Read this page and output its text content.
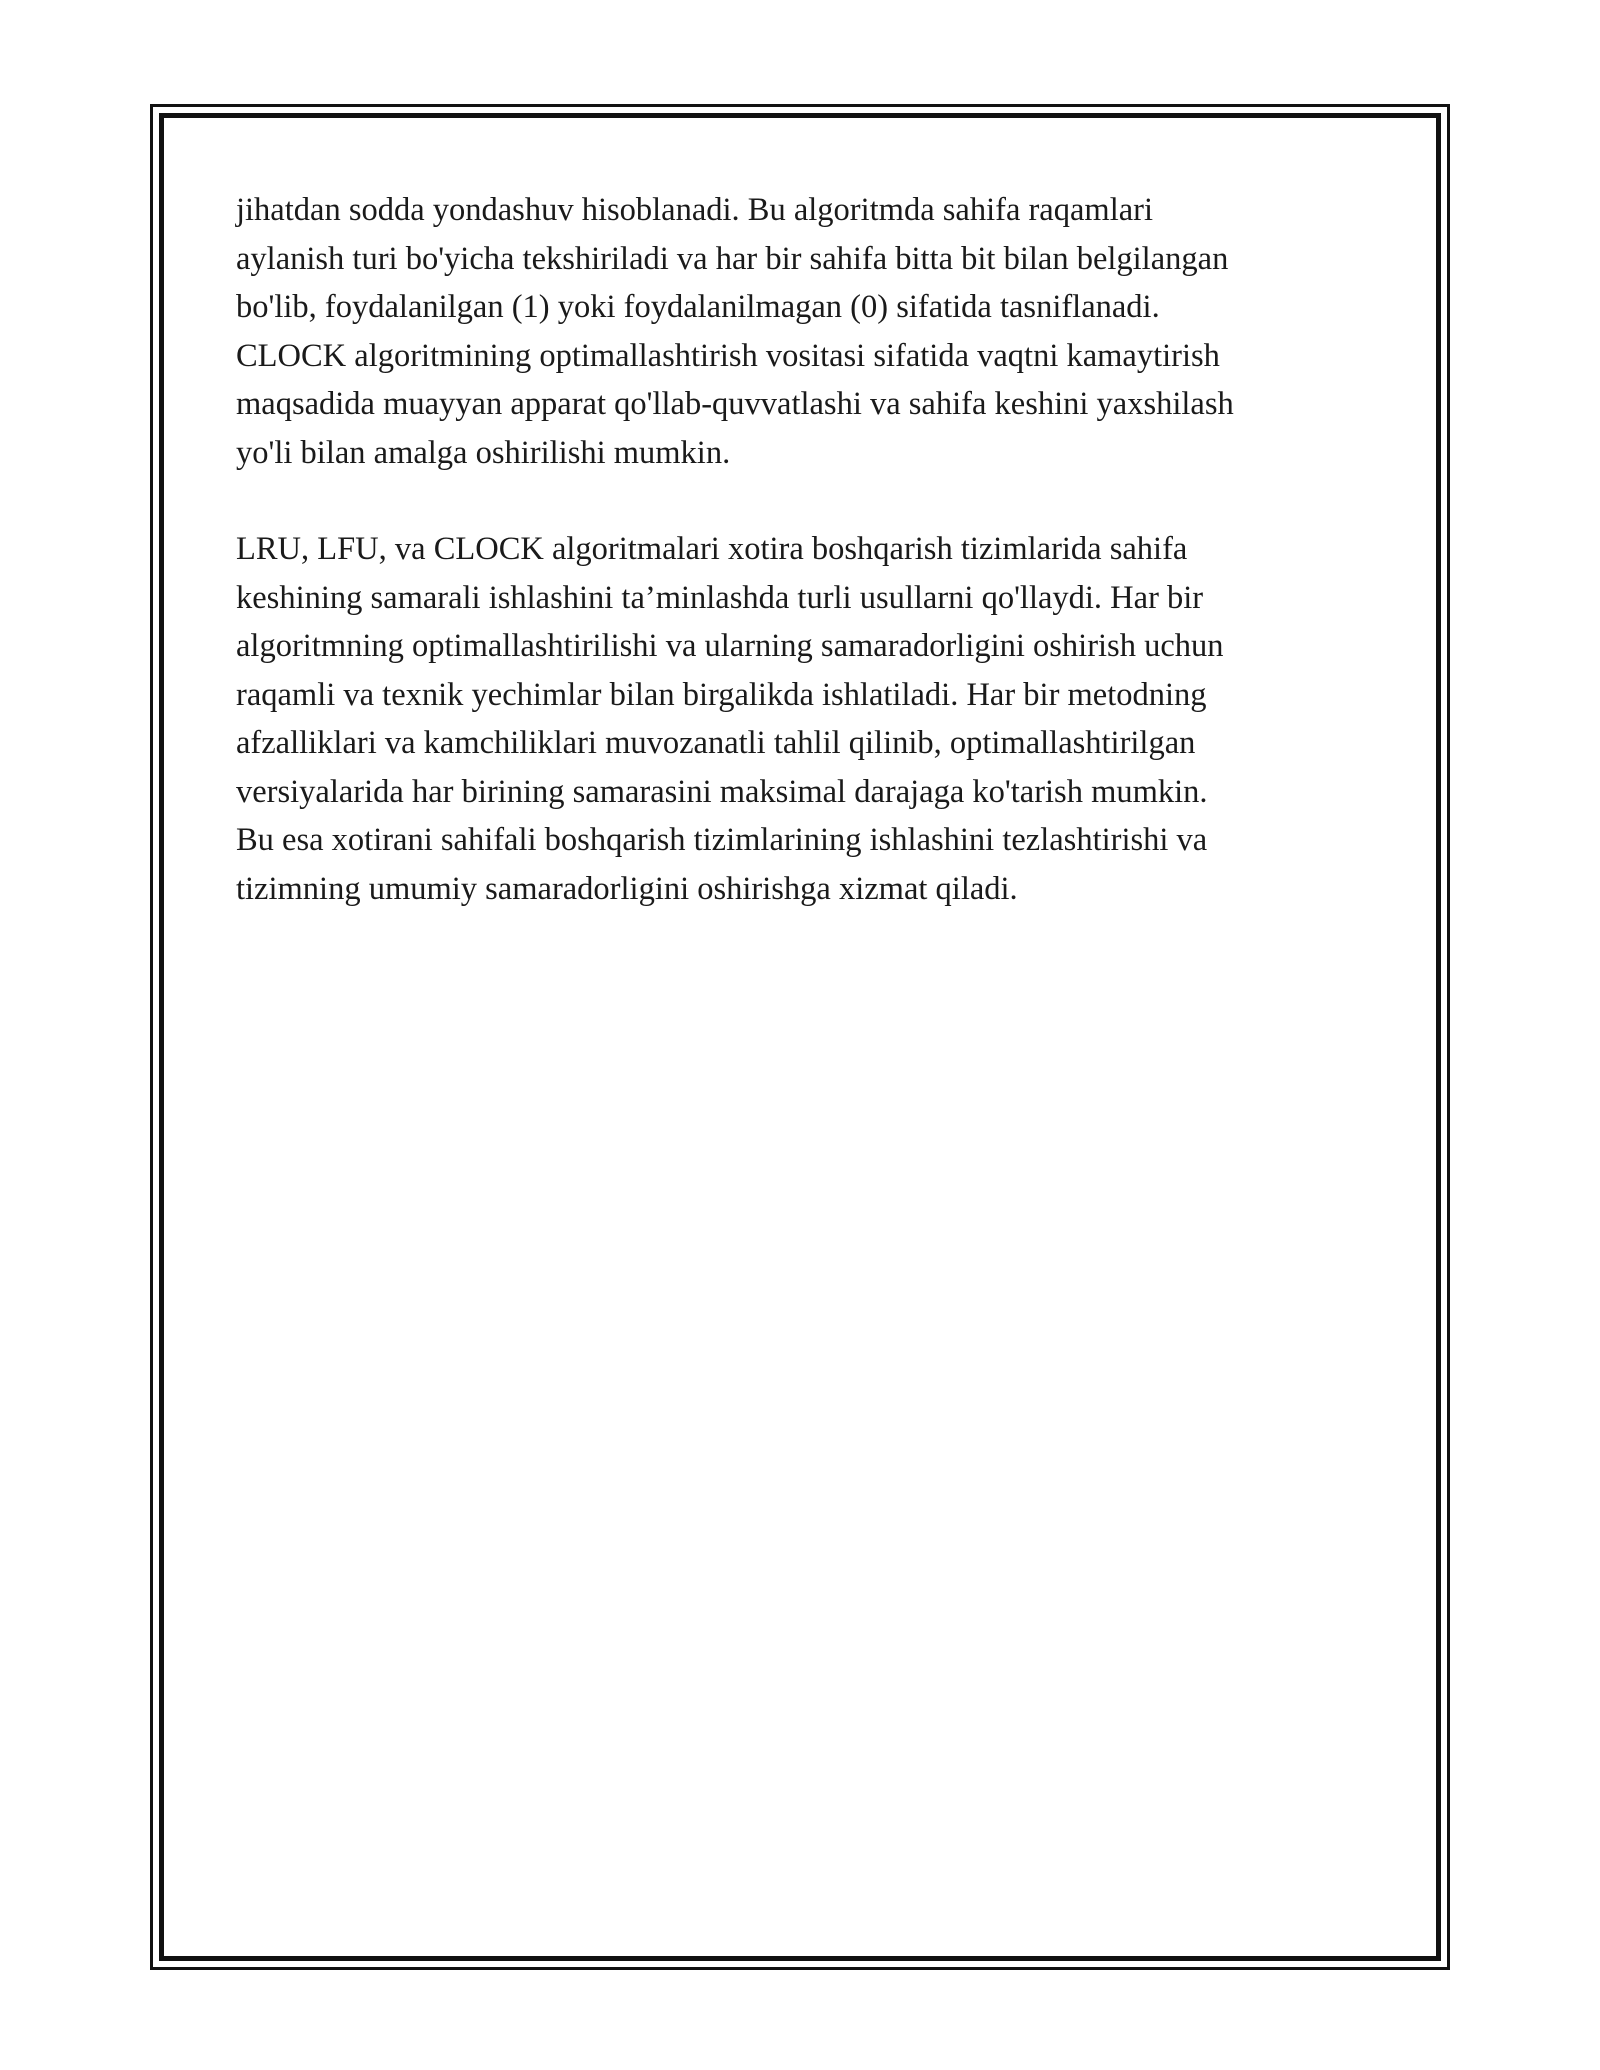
jihatdan sodda yondashuv hisoblanadi. Bu algoritmda sahifa raqamlari
aylanish turi bo'yicha tekshiriladi va har bir sahifa bitta bit bilan belgilangan
bo'lib, foydalanilgan (1) yoki foydalanilmagan (0) sifatida tasniflanadi.
CLOCK algoritmining optimallashtirish vositasi sifatida vaqtni kamaytirish
maqsadida muayyan apparat qo'llab-quvvatlashi va sahifa keshini yaxshilash
yo'li bilan amalga oshirilishi mumkin.
LRU, LFU, va CLOCK algoritmalari xotira boshqarish tizimlarida sahifa
keshining samarali ishlashini ta’minlashda turli usullarni qo'llaydi. Har bir
algoritmning optimallashtirilishi va ularning samaradorligini oshirish uchun
raqamli va texnik yechimlar bilan birgalikda ishlatiladi. Har bir metodning
afzalliklari va kamchiliklari muvozanatli tahlil qilinib, optimallashtirilgan
versiyalarida har birining samarasini maksimal darajaga ko'tarish mumkin.
Bu esa xotirani sahifali boshqarish tizimlarining ishlashini tezlashtirishi va
tizimning umumiy samaradorligini oshirishga xizmat qiladi.
